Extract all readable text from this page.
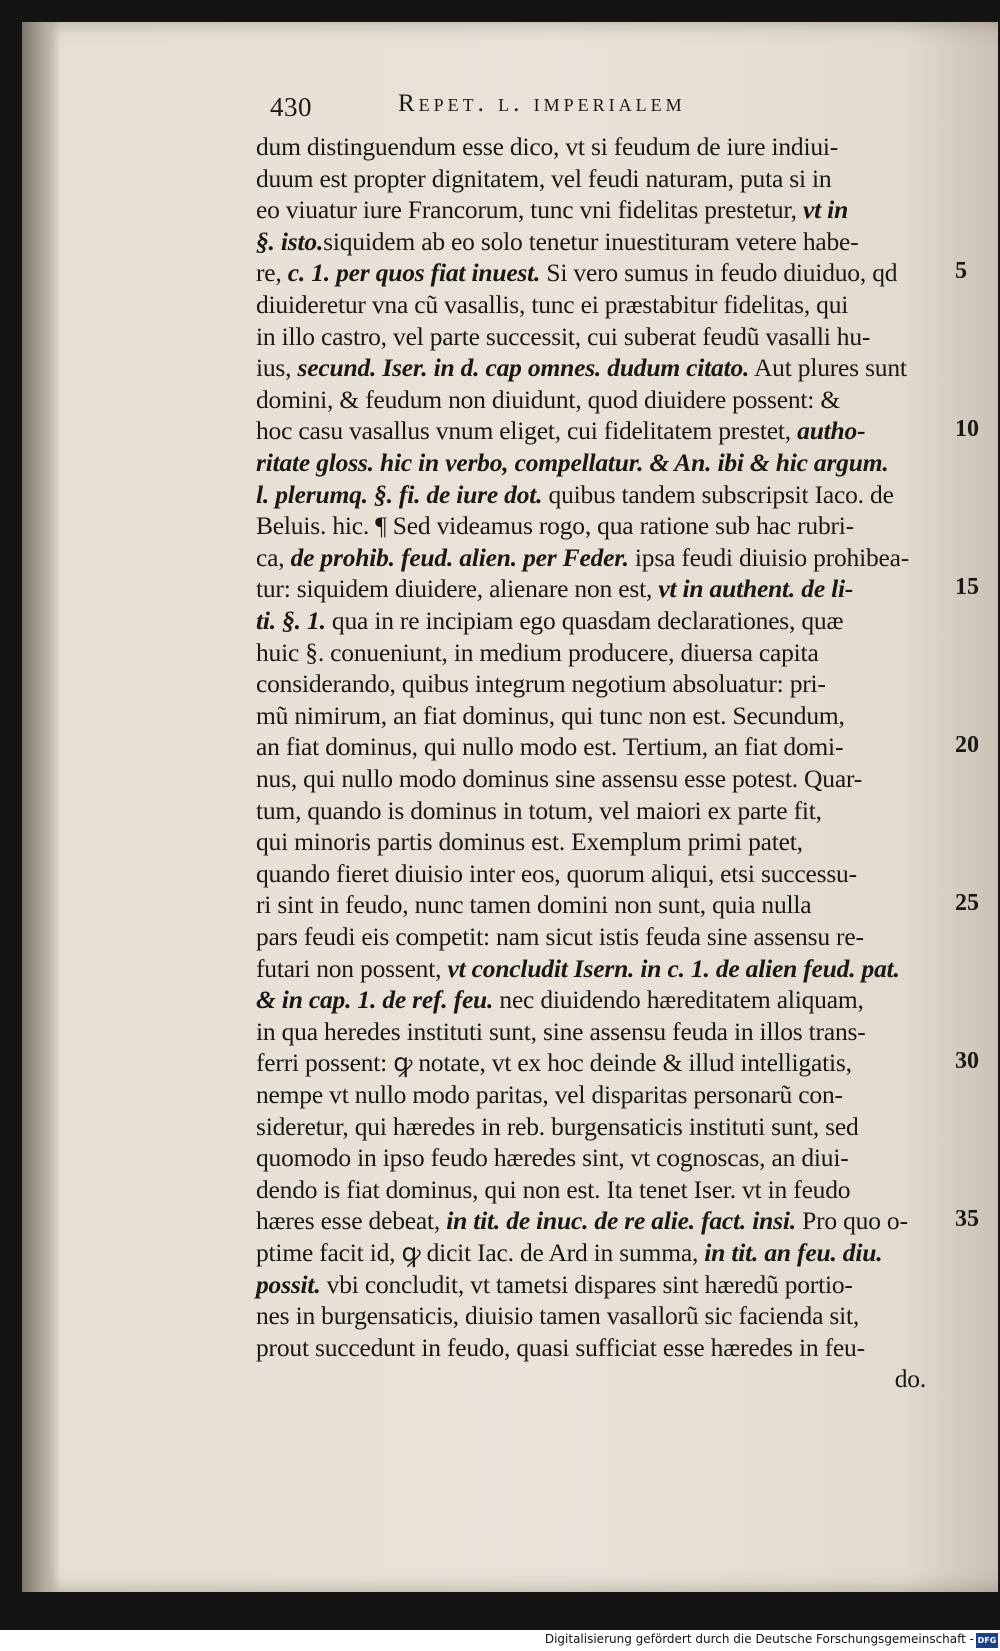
430	Repet. l. imperialem
dum distinguendum esse dico, vt si feudum de iure indiui-
duum est propter dignitatem, vel feudi naturam, puta si in
eo viuatur iure Francorum, tunc vni fidelitas prestetur, vt in
§. isto.siquidem ab eo solo tenetur inuestituram vetere habe-
re, c. 1. per quos fiat inuest. Si vero sumus in feudo diuiduo, qd
diuideretur vna cũ vasallis, tunc ei præstabitur fidelitas, qui
in illo castro, vel parte successit, cui suberat feudũ vasalli hu-
ius, secund. Iser. in d. cap omnes. dudum citato. Aut plures sunt
domini, & feudum non diuidunt, quod diuidere possent: &
hoc casu vasallus vnum eliget, cui fidelitatem prestet, autho-
ritate gloss. hic in verbo, compellatur. & An. ibi & hic argum.
l. plerumq. §. fi. de iure dot. quibus tandem subscripsit Iaco. de
Beluis. hic. ¶ Sed videamus rogo, qua ratione sub hac rubri-
ca, de prohib. feud. alien. per Feder. ipsa feudi diuisio prohibea-
tur: siquidem diuidere, alienare non est, vt in authent. de li-
ti. §. 1. qua in re incipiam ego quasdam declarationes, quæ
huic §. conueniunt, in medium producere, diuersa capita
considerando, quibus integrum negotium absoluatur: pri-
mũ nimirum, an fiat dominus, qui tunc non est. Secundum,
an fiat dominus, qui nullo modo est. Tertium, an fiat domi-
nus, qui nullo modo dominus sine assensu esse potest. Quar-
tum, quando is dominus in totum, vel maiori ex parte fit,
qui minoris partis dominus est. Exemplum primi patet,
quando fieret diuisio inter eos, quorum aliqui, etsi successu-
ri sint in feudo, nunc tamen domini non sunt, quia nulla
pars feudi eis competit: nam sicut istis feuda sine assensu re-
futari non possent, vt concludit Isern. in c. 1. de alien feud. pat.
& in cap. 1. de ref. feu. nec diuidendo hæreditatem aliquam,
in qua heredes instituti sunt, sine assensu feuda in illos trans-
ferri possent: ꝙ notate, vt ex hoc deinde & illud intelligatis,
nempe vt nullo modo paritas, vel disparitas personarũ con-
sideretur, qui hæredes in reb. burgensaticis instituti sunt, sed
quomodo in ipso feudo hæredes sint, vt cognoscas, an diui-
dendo is fiat dominus, qui non est. Ita tenet Iser. vt in feudo
hæres esse debeat, in tit. de inuc. de re alie. fact. insi. Pro quo o-
ptime facit id, ꝙ dicit Iac. de Ard in summa, in tit. an feu. diu.
possit. vbi concludit, vt tametsi dispares sint hæredũ portio-
nes in burgensaticis, diuisio tamen vasallorũ sic facienda sit,
prout succedunt in feudo, quasi sufficiat esse hæredes in feu-
do.
5
10
15
20
25
30
35
Digitalisierung gefördert durch die Deutsche Forschungsgemeinschaft - DFG
